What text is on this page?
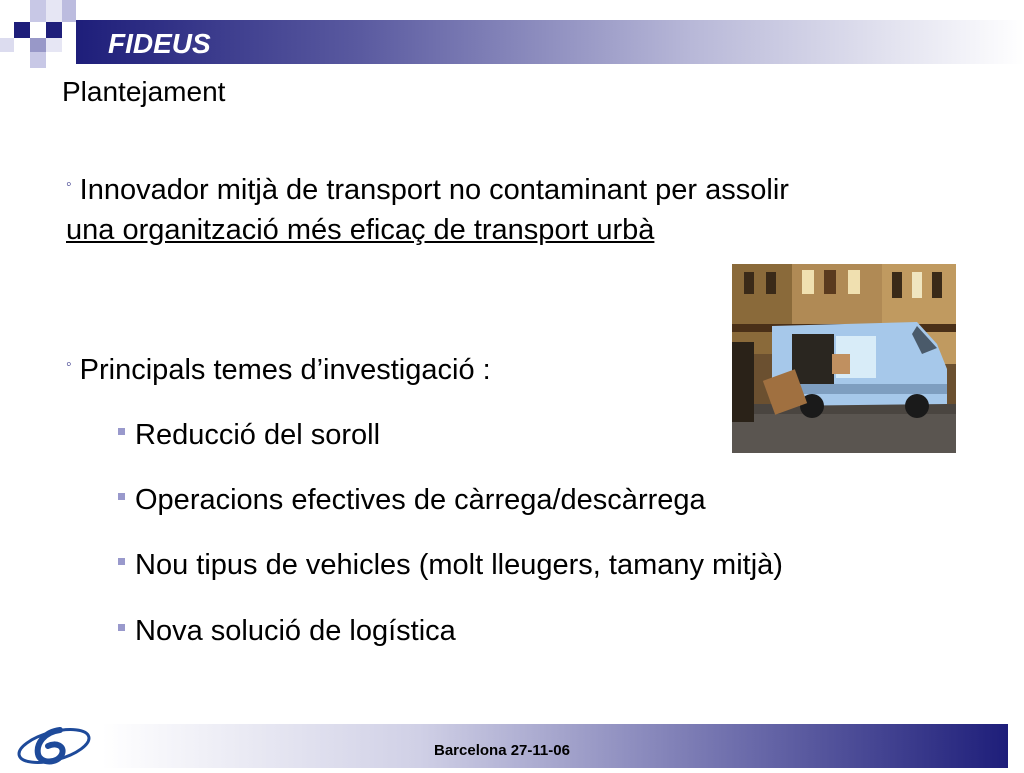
FIDEUS
Plantejament
◦ Innovador mitjà de transport no contaminant per assolir
una organització més eficaç de transport urbà
◦ Principals temes d’investigació :
Reducció del soroll
Operacions efectives de càrrega/descàrrega
Nou tipus de vehicles (molt lleugers, tamany mitjà)
Nova solució de logística
Barcelona 27-11-06
